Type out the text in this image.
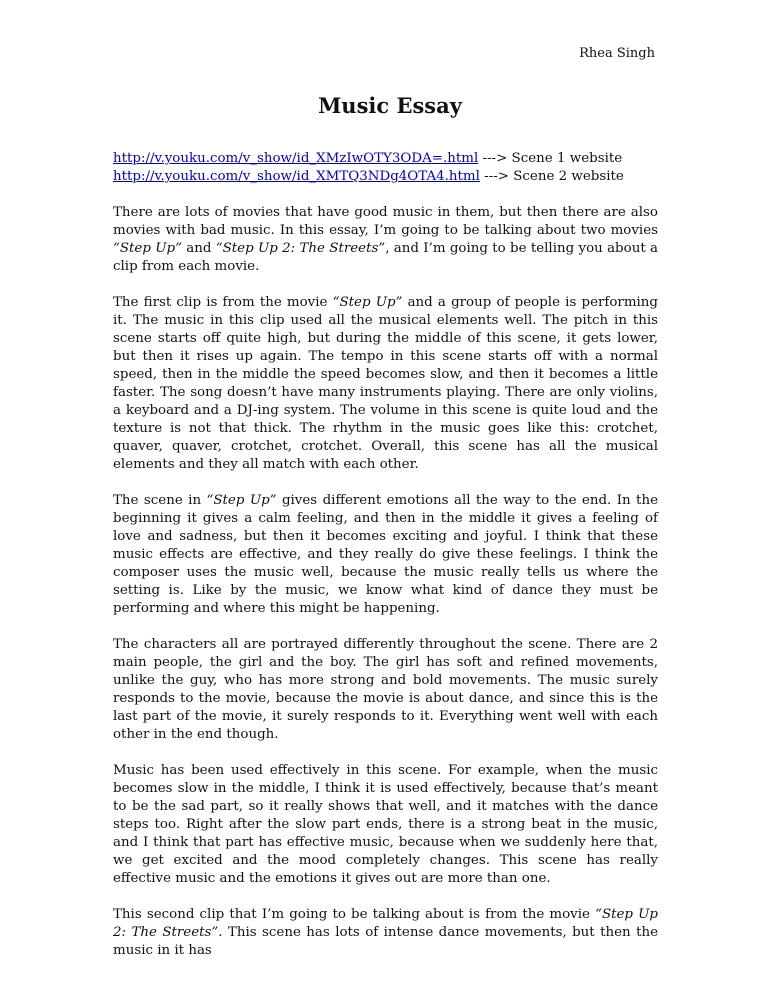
Rhea Singh
Music Essay
http://v.youku.com/v_show/id_XMzIwOTY3ODA=.html ---> Scene 1 website
http://v.youku.com/v_show/id_XMTQ3NDg4OTA4.html ---> Scene 2 website

There are lots of movies that have good music in them, but then there are also movies with bad music. In this essay, I’m going to be talking about two movies “Step Up” and “Step Up 2: The Streets”, and I’m going to be telling you about a clip from each movie.

The first clip is from the movie “Step Up” and a group of people is performing it. The music in this clip used all the musical elements well. The pitch in this scene starts off quite high, but during the middle of this scene, it gets lower, but then it rises up again. The tempo in this scene starts off with a normal speed, then in the middle the speed becomes slow, and then it becomes a little faster. The song doesn’t have many instruments playing. There are only violins, a keyboard and a DJ-ing system. The volume in this scene is quite loud and the texture is not that thick. The rhythm in the music goes like this: crotchet, quaver, quaver, crotchet, crotchet. Overall, this scene has all the musical elements and they all match with each other.

The scene in “Step Up” gives different emotions all the way to the end. In the beginning it gives a calm feeling, and then in the middle it gives a feeling of love and sadness, but then it becomes exciting and joyful. I think that these music effects are effective, and they really do give these feelings. I think the composer uses the music well, because the music really tells us where the setting is. Like by the music, we know what kind of dance they must be performing and where this might be happening.

The characters all are portrayed differently throughout the scene. There are 2 main people, the girl and the boy. The girl has soft and refined movements, unlike the guy, who has more strong and bold movements. The music surely responds to the movie, because the movie is about dance, and since this is the last part of the movie, it surely responds to it. Everything went well with each other in the end though.

Music has been used effectively in this scene. For example, when the music becomes slow in the middle, I think it is used effectively, because that’s meant to be the sad part, so it really shows that well, and it matches with the dance steps too. Right after the slow part ends, there is a strong beat in the music, and I think that part has effective music, because when we suddenly here that, we get excited and the mood completely changes. This scene has really effective music and the emotions it gives out are more than one.

This second clip that I’m going to be talking about is from the movie “Step Up 2: The Streets”. This scene has lots of intense dance movements, but then the music in it has
